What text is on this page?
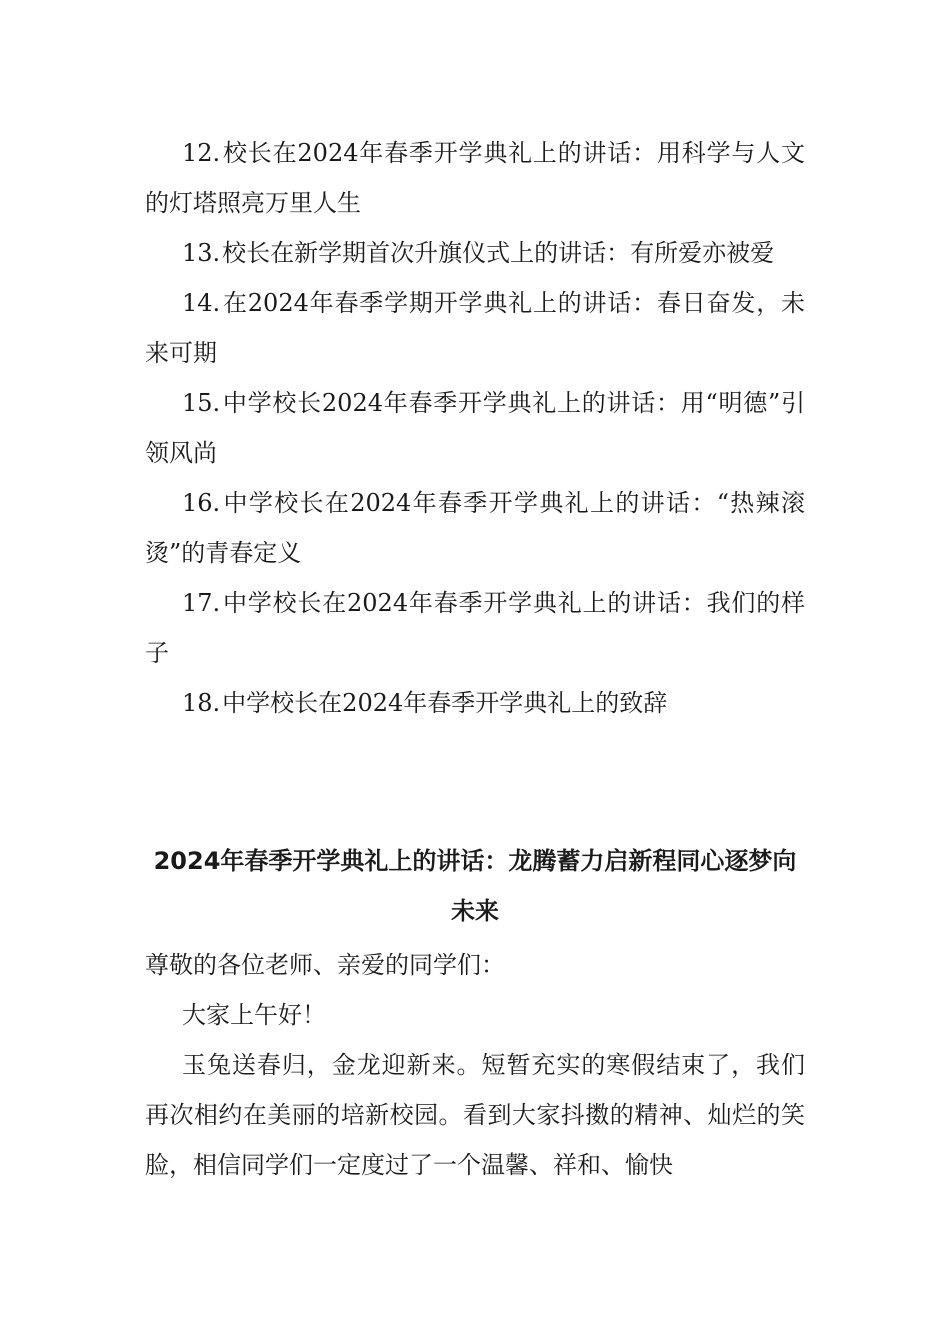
12.校长在2024年春季开学典礼上的讲话：用科学与人文的灯塔照亮万里人生

13.校长在新学期首次升旗仪式上的讲话：有所爱亦被爱

14.在2024年春季学期开学典礼上的讲话：春日奋发，未来可期

15.中学校长2024年春季开学典礼上的讲话：用“明德”引领风尚

16.中学校长在2024年春季开学典礼上的讲话：“热辣滚烫”的青春定义

17.中学校长在2024年春季开学典礼上的讲话：我们的样子

18.中学校长在2024年春季开学典礼上的致辞

2024年春季开学典礼上的讲话：龙腾蓄力启新程同心逐梦向未来

尊敬的各位老师、亲爱的同学们：

大家上午好！

玉兔送春归，金龙迎新来。短暂充实的寒假结束了，我们再次相约在美丽的培新校园。看到大家抖擞的精神、灿烂的笑脸，相信同学们一定度过了一个温馨、祥和、愉快
